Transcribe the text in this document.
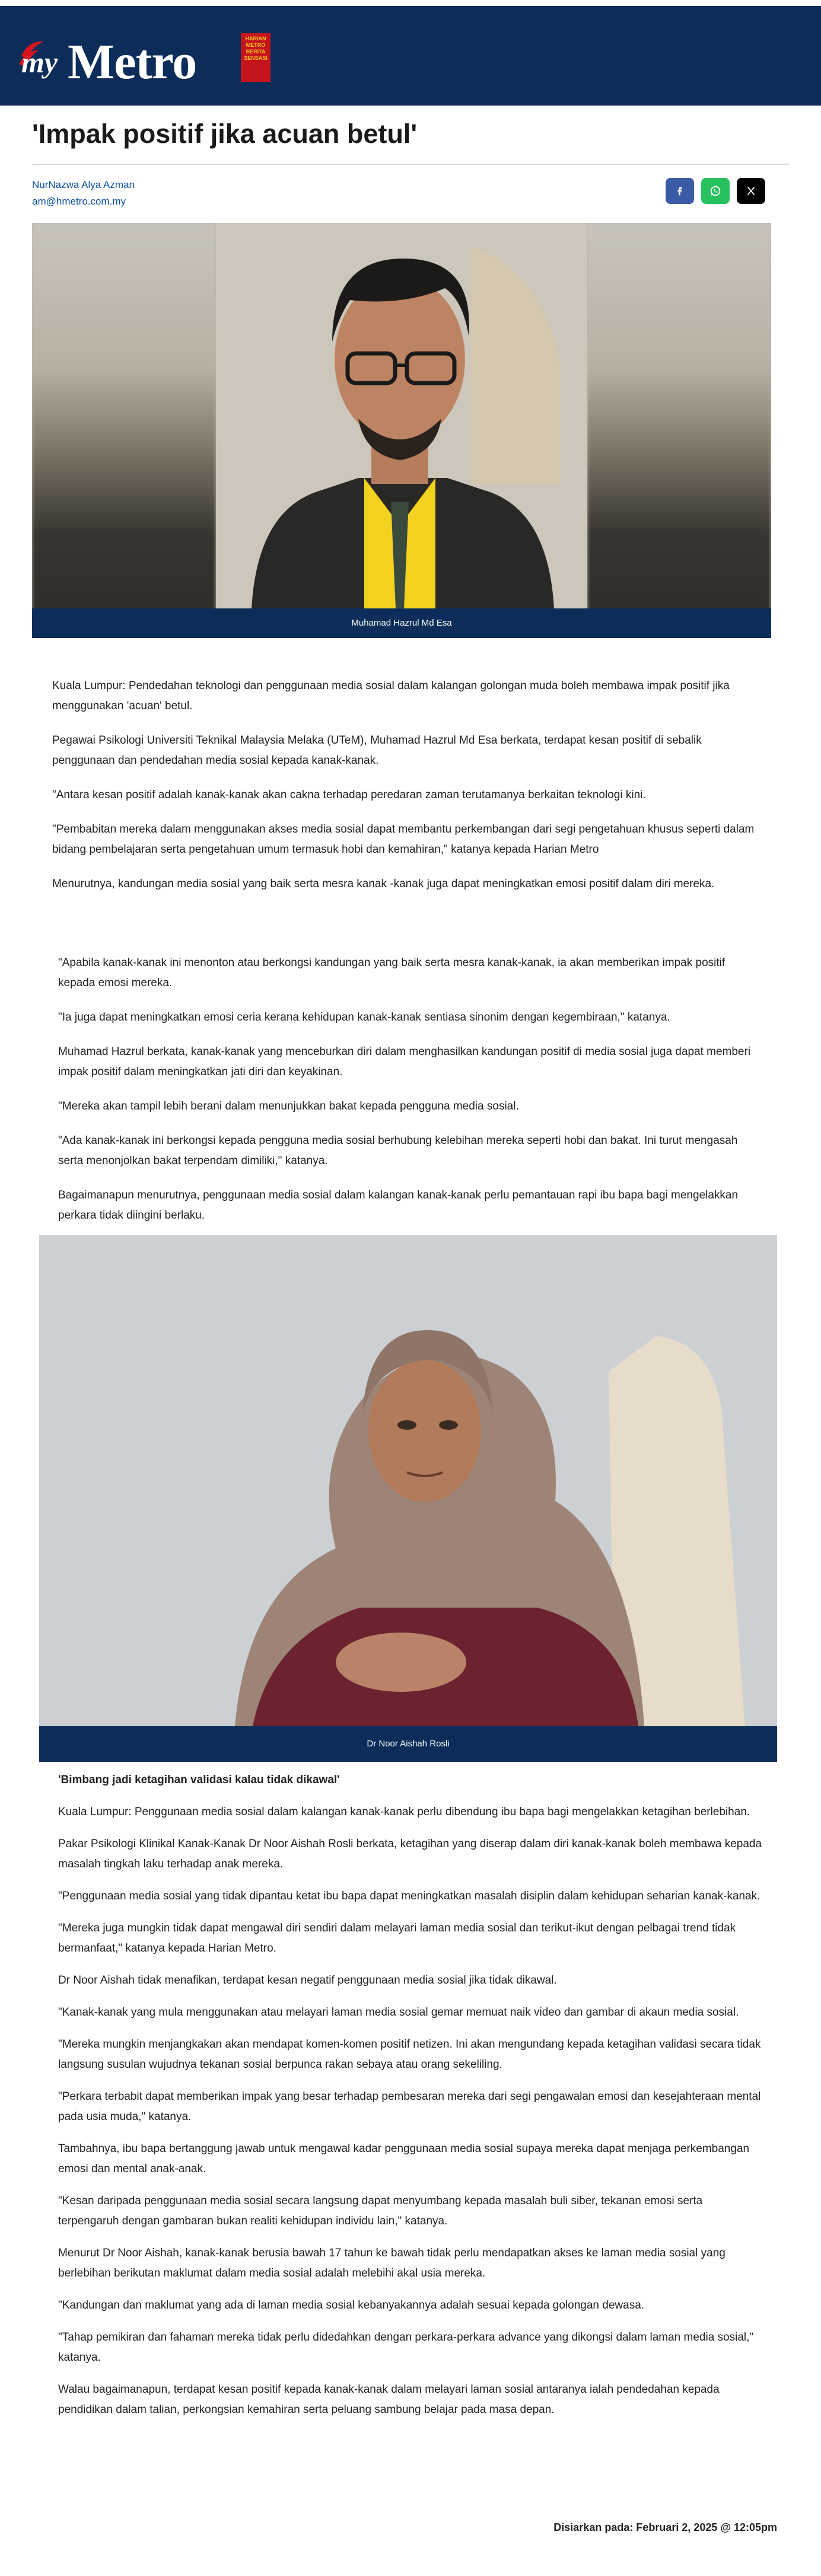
my Metro	HARIAN
METRO
BERITA
SENSASI
'Impak positif jika acuan betul'
NurNazwa Alya Azman
am@hmetro.com.my
Muhamad Hazrul Md Esa

Kuala Lumpur: Pendedahan teknologi dan penggunaan media sosial dalam kalangan golongan muda boleh membawa impak positif jika menggunakan 'acuan' betul.

Pegawai Psikologi Universiti Teknikal Malaysia Melaka (UTeM), Muhamad Hazrul Md Esa berkata, terdapat kesan positif di sebalik penggunaan dan pendedahan media sosial kepada kanak-kanak.

"Antara kesan positif adalah kanak-kanak akan cakna terhadap peredaran zaman terutamanya berkaitan teknologi kini.

"Pembabitan mereka dalam menggunakan akses media sosial dapat membantu perkembangan dari segi pengetahuan khusus seperti dalam bidang pembelajaran serta pengetahuan umum termasuk hobi dan kemahiran," katanya kepada Harian Metro

Menurutnya, kandungan media sosial yang baik serta mesra kanak -kanak juga dapat meningkatkan emosi positif dalam diri mereka.

"Apabila kanak-kanak ini menonton atau berkongsi kandungan yang baik serta mesra kanak-kanak, ia akan memberikan impak positif kepada emosi mereka.

"Ia juga dapat meningkatkan emosi ceria kerana kehidupan kanak-kanak sentiasa sinonim dengan kegembiraan," katanya.

Muhamad Hazrul berkata, kanak-kanak yang menceburkan diri dalam menghasilkan kandungan positif di media sosial juga dapat memberi impak positif dalam meningkatkan jati diri dan keyakinan.

"Mereka akan tampil lebih berani dalam menunjukkan bakat kepada pengguna media sosial.

"Ada kanak-kanak ini berkongsi kepada pengguna media sosial berhubung kelebihan mereka seperti hobi dan bakat. Ini turut mengasah serta menonjolkan bakat terpendam dimiliki," katanya.

Bagaimanapun menurutnya, penggunaan media sosial dalam kalangan kanak-kanak perlu pemantauan rapi ibu bapa bagi mengelakkan perkara tidak diingini berlaku.

Dr Noor Aishah Rosli
'Bimbang jadi ketagihan validasi kalau tidak dikawal'

Kuala Lumpur: Penggunaan media sosial dalam kalangan kanak-kanak perlu dibendung ibu bapa bagi mengelakkan ketagihan berlebihan.

Pakar Psikologi Klinikal Kanak-Kanak Dr Noor Aishah Rosli berkata, ketagihan yang diserap dalam diri kanak-kanak boleh membawa kepada masalah tingkah laku terhadap anak mereka.

"Penggunaan media sosial yang tidak dipantau ketat ibu bapa dapat meningkatkan masalah disiplin dalam kehidupan seharian kanak-kanak.

"Mereka juga mungkin tidak dapat mengawal diri sendiri dalam melayari laman media sosial dan terikut-ikut dengan pelbagai trend tidak bermanfaat," katanya kepada Harian Metro.

Dr Noor Aishah tidak menafikan, terdapat kesan negatif penggunaan media sosial jika tidak dikawal.

"Kanak-kanak yang mula menggunakan atau melayari laman media sosial gemar memuat naik video dan gambar di akaun media sosial.

"Mereka mungkin menjangkakan akan mendapat komen-komen positif netizen. Ini akan mengundang kepada ketagihan validasi secara tidak langsung susulan wujudnya tekanan sosial berpunca rakan sebaya atau orang sekeliling.

"Perkara terbabit dapat memberikan impak yang besar terhadap pembesaran mereka dari segi pengawalan emosi dan kesejahteraan mental pada usia muda," katanya.

Tambahnya, ibu bapa bertanggung jawab untuk mengawal kadar penggunaan media sosial supaya mereka dapat menjaga perkembangan emosi dan mental anak-anak.

"Kesan daripada penggunaan media sosial secara langsung dapat menyumbang kepada masalah buli siber, tekanan emosi serta terpengaruh dengan gambaran bukan realiti kehidupan individu lain," katanya.

Menurut Dr Noor Aishah, kanak-kanak berusia bawah 17 tahun ke bawah tidak perlu mendapatkan akses ke laman media sosial yang berlebihan berikutan maklumat dalam media sosial adalah melebihi akal usia mereka.

"Kandungan dan maklumat yang ada di laman media sosial kebanyakannya adalah sesuai kepada golongan dewasa.

"Tahap pemikiran dan fahaman mereka tidak perlu didedahkan dengan perkara-perkara advance yang dikongsi dalam laman media sosial," katanya.

Walau bagaimanapun, terdapat kesan positif kepada kanak-kanak dalam melayari laman sosial antaranya ialah pendedahan kepada pendidikan dalam talian, perkongsian kemahiran serta peluang sambung belajar pada masa depan.

Disiarkan pada: Februari 2, 2025 @ 12:05pm
